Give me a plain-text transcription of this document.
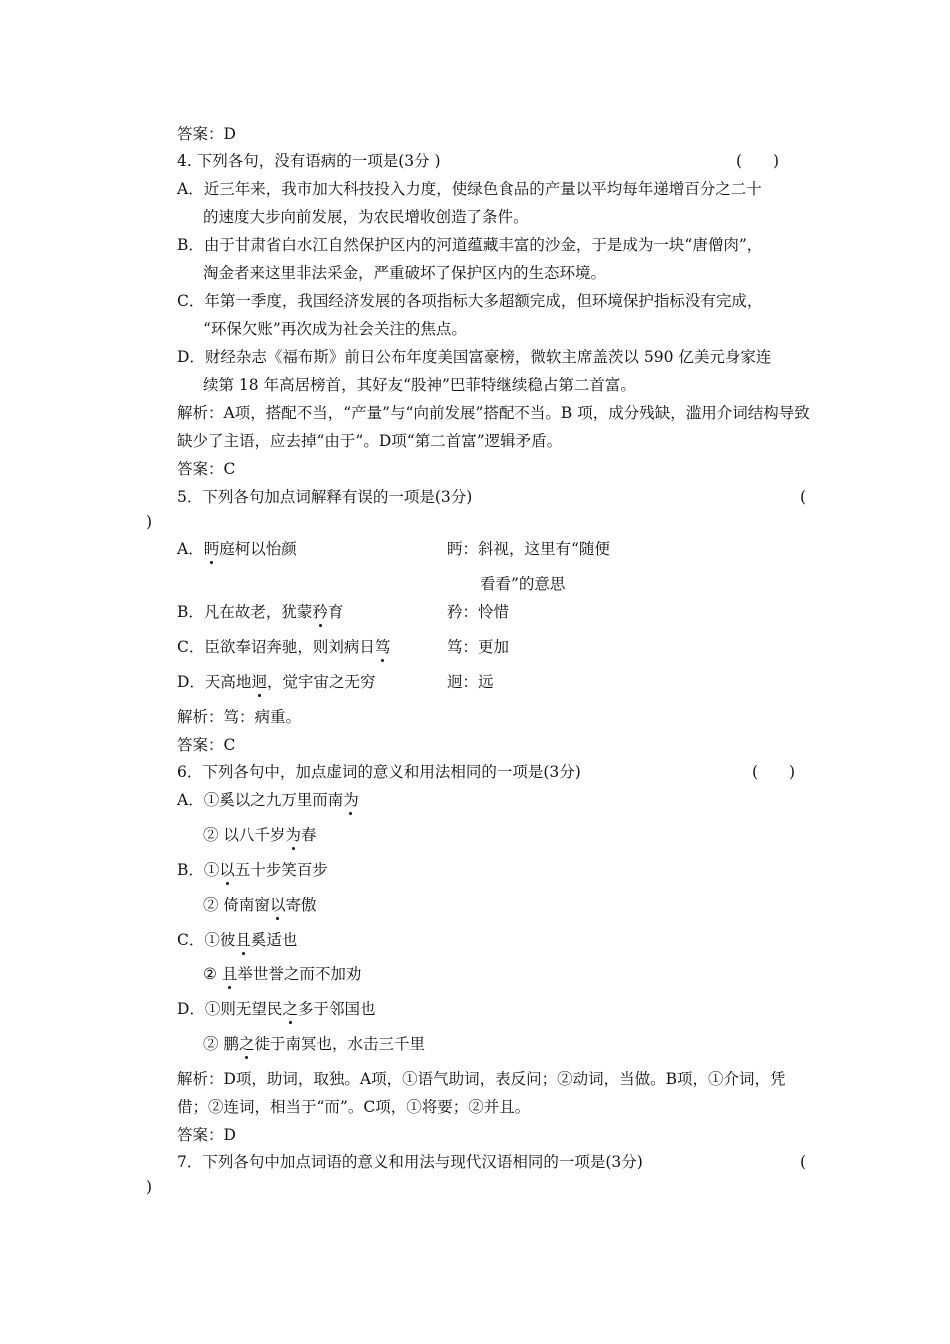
答案：D
4. 下列各句，没有语病的一项是(3分 )	(　　)
A．近三年来，我市加大科技投入力度，使绿色食品的产量以平均每年递增百分之二十
的速度大步向前发展，为农民增收创造了条件。
B．由于甘肃省白水江自然保护区内的河道蕴藏丰富的沙金，于是成为一块“唐僧肉”，
淘金者来这里非法采金，严重破坏了保护区内的生态环境。
C．年第一季度，我国经济发展的各项指标大多超额完成，但环境保护指标没有完成，
“环保欠账”再次成为社会关注的焦点。
D．财经杂志《福布斯》前日公布年度美国富豪榜，微软主席盖茨以 590 亿美元身家连
续第 18 年高居榜首，其好友“股神”巴菲特继续稳占第二首富。
解析：A项，搭配不当，“产量”与“向前发展”搭配不当。B 项，成分残缺，滥用介词结构导致缺少了主语，应去掉“由于”。D项“第二首富”逻辑矛盾。
答案：C
5．下列各句加点词解释有误的一项是(3分)	(
)
A．眄庭柯以怡颜	眄：斜视，这里有“随便
看看”的意思
B．凡在故老，犹蒙矜育	矜：怜惜
C．臣欲奉诏奔驰，则刘病日笃	笃：更加
D．天高地迥，觉宇宙之无穷	迥：远
解析：笃：病重。
答案：C
6．下列各句中，加点虚词的意义和用法相同的一项是(3分)	(　　)
A．①奚以之九万里而南为
② 以八千岁为春
B．①以五十步笑百步
② 倚南窗以寄傲
C．①彼且奚适也
② 且举世誉之而不加劝
D．①则无望民之多于邻国也
② 鹏之徙于南冥也，水击三千里
解析：D项，助词，取独。A项，①语气助词，表反问；②动词，当做。B项，①介词，凭借；②连词，相当于“而”。C项，①将要；②并且。
答案：D
7．下列各句中加点词语的意义和用法与现代汉语相同的一项是(3分)	(
)
